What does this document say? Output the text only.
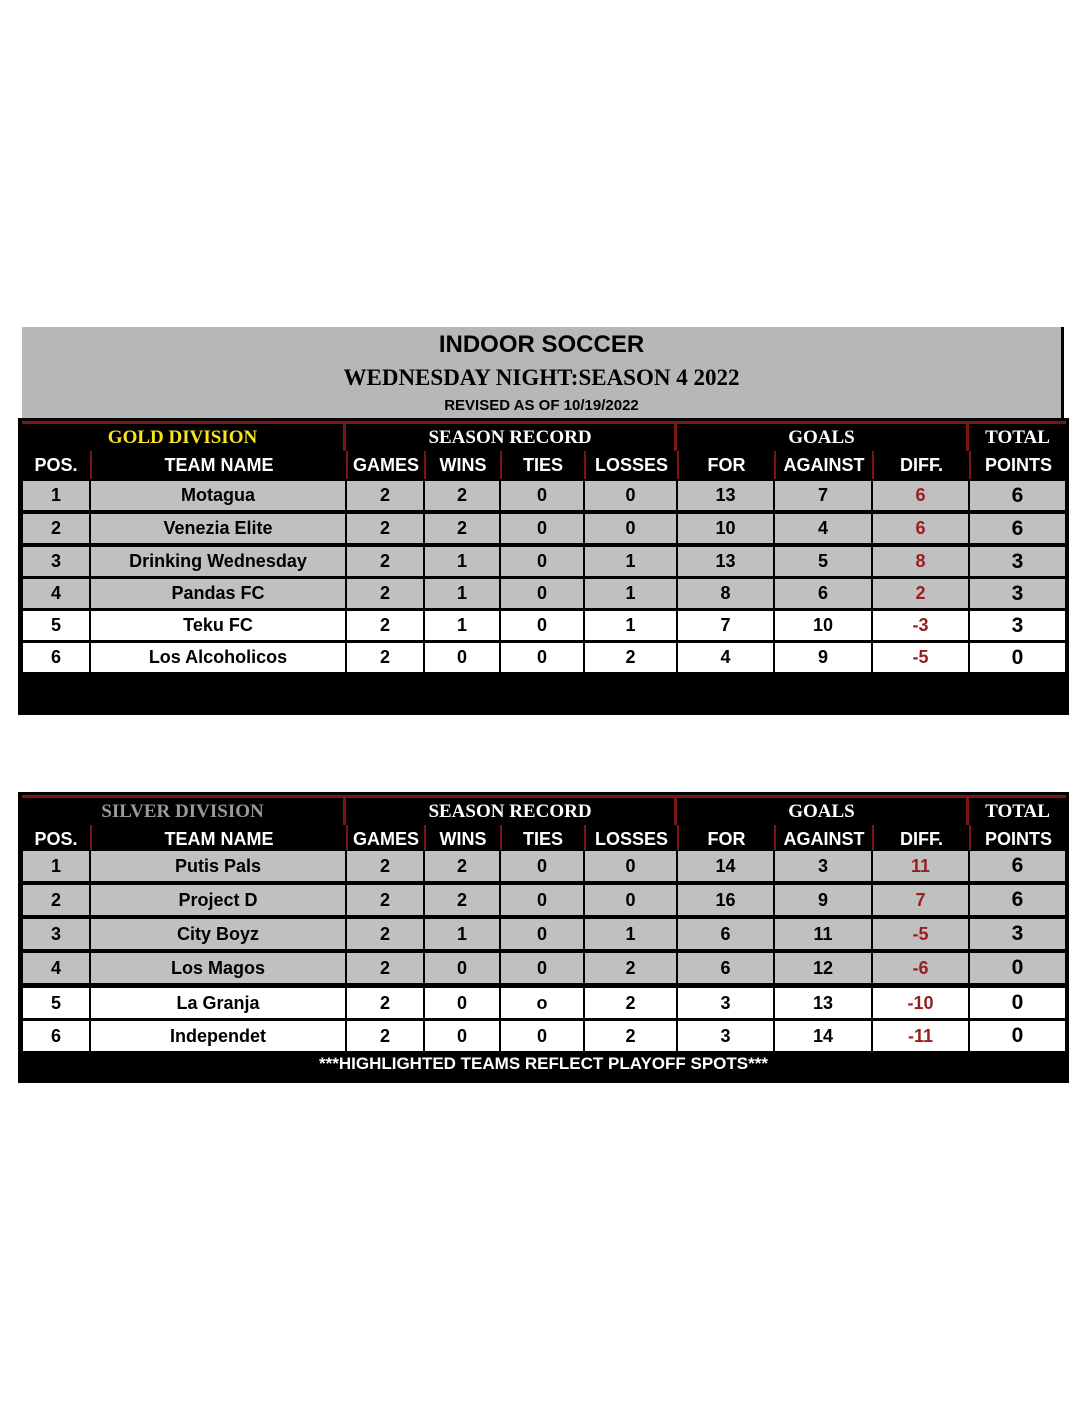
INDOOR SOCCER
WEDNESDAY NIGHT:SEASON 4 2022
REVISED AS OF 10/19/2022
GOLD DIVISION	SEASON RECORD	GOALS	TOTAL
POS.	TEAM NAME	GAMES	WINS	TIES	LOSSES	FOR	AGAINST	DIFF.	POINTS
1	Motagua	2	2	0	0	13	7	6	6
2	Venezia Elite	2	2	0	0	10	4	6	6
3	Drinking Wednesday	2	1	0	1	13	5	8	3
4	Pandas FC	2	1	0	1	8	6	2	3
5	Teku FC	2	1	0	1	7	10	-3	3
6	Los Alcoholicos	2	0	0	2	4	9	-5	0
SILVER DIVISION	SEASON RECORD	GOALS	TOTAL
POS.	TEAM NAME	GAMES	WINS	TIES	LOSSES	FOR	AGAINST	DIFF.	POINTS
1	Putis Pals	2	2	0	0	14	3	11	6
2	Project D	2	2	0	0	16	9	7	6
3	City Boyz	2	1	0	1	6	11	-5	3
4	Los Magos	2	0	0	2	6	12	-6	0
5	La Granja	2	0	o	2	3	13	-10	0
6	Independet	2	0	0	2	3	14	-11	0
***HIGHLIGHTED TEAMS REFLECT PLAYOFF SPOTS***
